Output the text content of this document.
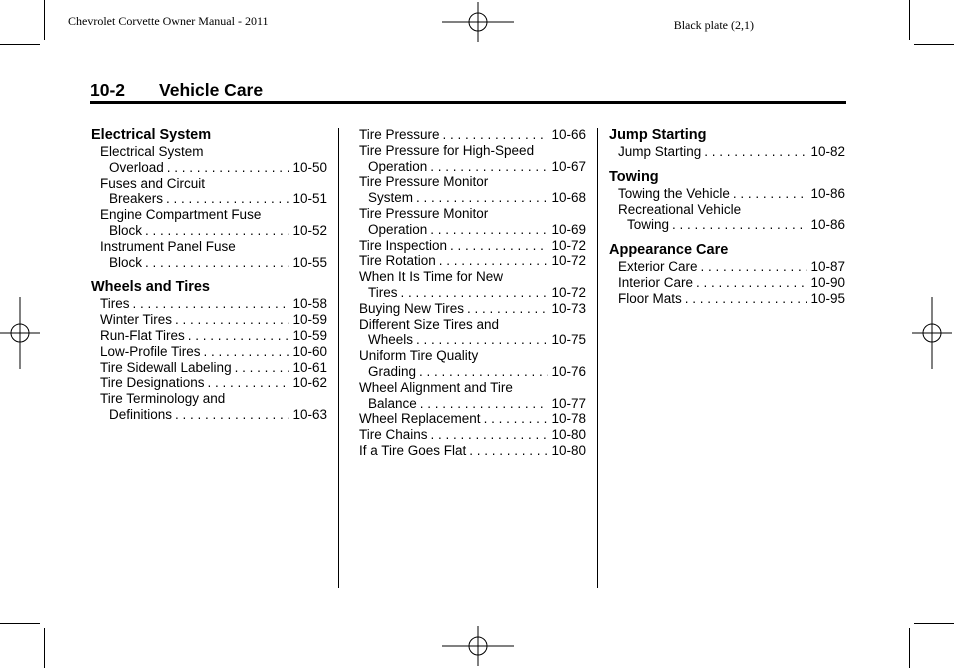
Chevrolet Corvette Owner Manual - 2011	Black plate (2,1)
10-2 Vehicle Care
Electrical System
Electrical System
Overload . . .	10-50
Fuses and Circuit
Breakers . . .	10-51
Engine Compartment Fuse
Block . . .	10-52
Instrument Panel Fuse
Block . . .	10-55
Wheels and Tires
Tires . . .	10-58
Winter Tires . . .	10-59
Run-Flat Tires . . .	10-59
Low-Profile Tires . . .	10-60
Tire Sidewall Labeling . . .	10-61
Tire Designations . . .	10-62
Tire Terminology and
Definitions . . .	10-63
Tire Pressure . . .	10-66
Tire Pressure for High-Speed
Operation . . .	10-67
Tire Pressure Monitor
System . . .	10-68
Tire Pressure Monitor
Operation . . .	10-69
Tire Inspection . . .	10-72
Tire Rotation . . .	10-72
When It Is Time for New
Tires . . .	10-72
Buying New Tires . . .	10-73
Different Size Tires and
Wheels . . .	10-75
Uniform Tire Quality
Grading . . .	10-76
Wheel Alignment and Tire
Balance . . .	10-77
Wheel Replacement . . .	10-78
Tire Chains . . .	10-80
If a Tire Goes Flat . . .	10-80
Jump Starting
Jump Starting . . .	10-82
Towing
Towing the Vehicle . . .	10-86
Recreational Vehicle
Towing . . .	10-86
Appearance Care
Exterior Care . . .	10-87
Interior Care . . .	10-90
Floor Mats . . .	10-95
